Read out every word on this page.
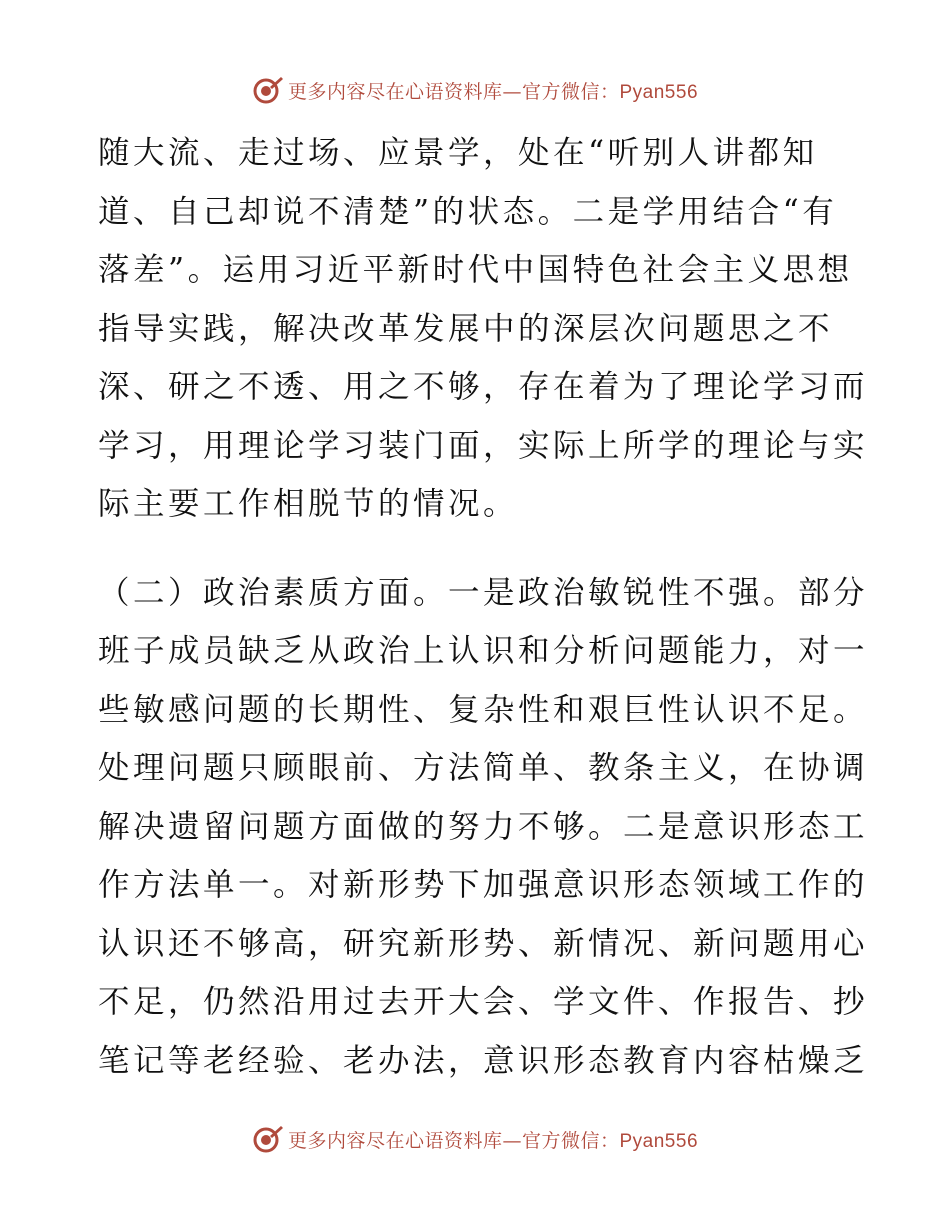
更多内容尽在心语资料库—官方微信：Pyan556
随大流、走过场、应景学，处在“听别人讲都知
道、自己却说不清楚”的状态。二是学用结合“有
落差”。运用习近平新时代中国特色社会主义思想
指导实践，解决改革发展中的深层次问题思之不
深、研之不透、用之不够，存在着为了理论学习而
学习，用理论学习装门面，实际上所学的理论与实
际主要工作相脱节的情况。
（二）政治素质方面。一是政治敏锐性不强。部分
班子成员缺乏从政治上认识和分析问题能力，对一
些敏感问题的长期性、复杂性和艰巨性认识不足。
处理问题只顾眼前、方法简单、教条主义，在协调
解决遗留问题方面做的努力不够。二是意识形态工
作方法单一。对新形势下加强意识形态领域工作的
认识还不够高，研究新形势、新情况、新问题用心
不足，仍然沿用过去开大会、学文件、作报告、抄
笔记等老经验、老办法，意识形态教育内容枯燥乏
更多内容尽在心语资料库—官方微信：Pyan556
